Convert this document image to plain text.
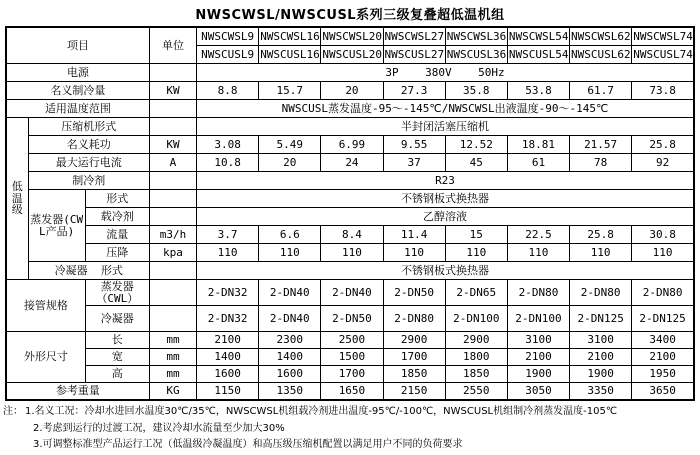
NWSCWSL/NWSCUSL系列三级复叠超低温机组
项目			单位	NWSCWSL9	NWSCWSL16	NWSCWSL20	NWSCWSL27	NWSCWSL36	NWSCWSL54	NWSCWSL62	NWSCWSL74
				NWSCUSL9	NWSCUSL16	NWSCUSL20	NWSCUSL27	NWSCUSL36	NWSCUSL54	NWSCUSL62	NWSCUSL74
电源				3P    380V    50Hz							
名义制冷量			KW	8.8	15.7	20	27.3	35.8	53.8	61.7	73.8
适用温度范围				NWSCUSL蒸发温度-95～-145℃/NWSCWSL出液温度-90～-145℃							
低温级	压缩机形式			半封闭活塞压缩机							
	名义耗功		KW	3.08	5.49	6.99	9.55	12.52	18.81	21.57	25.8
	最大运行电流		A	10.8	20	24	37	45	61	78	92
	制冷剂			R23							
	蒸发器(CWL产品)	形式		不锈钢板式换热器							
		载冷剂		乙醇溶液							
		流量	m3/h	3.7	6.6	8.4	11.4	15	22.5	25.8	30.8
		压降	kpa	110	110	110	110	110	110	110	110
	冷凝器  形式			不锈钢板式换热器							
接管规格		蒸发器（CWL）		2-DN32	2-DN40	2-DN40	2-DN50	2-DN65	2-DN80	2-DN80	2-DN80
		冷凝器		2-DN32	2-DN40	2-DN50	2-DN80	2-DN100	2-DN100	2-DN125	2-DN125
外形尺寸		长	mm	2100	2300	2500	2900	2900	3100	3100	3400
		宽	mm	1400	1400	1500	1700	1800	2100	2100	2100
		高	mm	1600	1600	1700	1850	1850	1900	1900	1950
参考重量			KG	1150	1350	1650	2150	2550	3050	3350	3650
注： 1.名义工况：冷却水进回水温度30℃/35℃，NWSCWSL机组载冷剂进出温度-95℃/-100℃，NWSCUSL机组制冷剂蒸发温度-105℃
2.考虑到运行的过渡工况，建议冷却水流量至少加大30%
3.可调整标准型产品运行工况（低温级冷凝温度）和高压级压缩机配置以满足用户不同的负荷要求
